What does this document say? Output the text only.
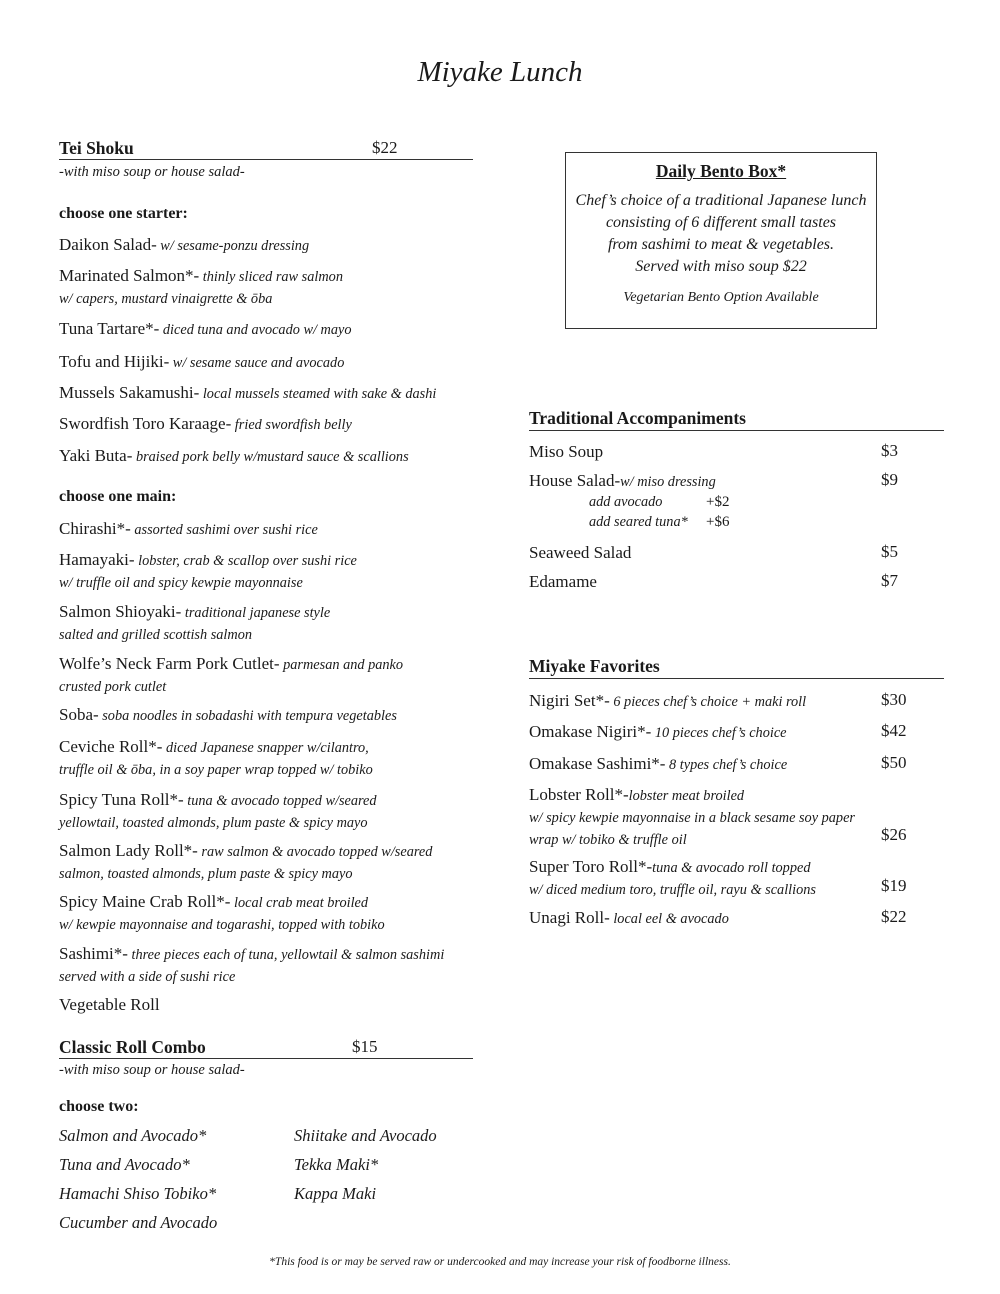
Miyake Lunch
Tei Shoku	$22
-with miso soup or house salad-
choose one starter:
Daikon Salad- w/ sesame-ponzu dressing
Marinated Salmon*- thinly sliced raw salmon
w/ capers, mustard vinaigrette & ōba
Tuna Tartare*- diced tuna and avocado w/ mayo
Tofu and Hijiki- w/ sesame sauce and avocado
Mussels Sakamushi- local mussels steamed with sake & dashi
Swordfish Toro Karaage- fried swordfish belly
Yaki Buta- braised pork belly w/mustard sauce & scallions
choose one main:
Chirashi*- assorted sashimi over sushi rice
Hamayaki- lobster, crab & scallop over sushi rice
w/ truffle oil and spicy kewpie mayonnaise
Salmon Shioyaki- traditional japanese style
salted and grilled scottish salmon
Wolfe’s Neck Farm Pork Cutlet- parmesan and panko
crusted pork cutlet
Soba- soba noodles in sobadashi with tempura vegetables
Ceviche Roll*- diced Japanese snapper w/cilantro,
truffle oil & ōba, in a soy paper wrap topped w/ tobiko
Spicy Tuna Roll*- tuna & avocado topped w/seared
yellowtail, toasted almonds, plum paste & spicy mayo
Salmon Lady Roll*- raw salmon & avocado topped w/seared
salmon, toasted almonds, plum paste & spicy mayo
Spicy Maine Crab Roll*- local crab meat broiled
w/ kewpie mayonnaise and togarashi, topped with tobiko
Sashimi*- three pieces each of tuna, yellowtail & salmon sashimi
served with a side of sushi rice
Vegetable Roll
Classic Roll Combo	$15
-with miso soup or house salad-
choose two:
Salmon and Avocado*
Tuna and Avocado*
Hamachi Shiso Tobiko*
Cucumber and Avocado
Shiitake and Avocado
Tekka Maki*
Kappa Maki
Daily Bento Box*
Chef’s choice of a traditional Japanese lunch
consisting of 6 different small tastes
from sashimi to meat & vegetables.
Served with miso soup $22
Vegetarian Bento Option Available
Traditional Accompaniments
Miso Soup	$3
House Salad-w/ miso dressing	$9
add avocado	+$2
add seared tuna* +$6
Seaweed Salad	$5
Edamame	$7
Miyake Favorites
Nigiri Set*- 6 pieces chef’s choice + maki roll	$30
Omakase Nigiri*- 10 pieces chef’s choice	$42
Omakase Sashimi*- 8 types chef’s choice	$50
Lobster Roll*-lobster meat broiled
w/ spicy kewpie mayonnaise in a black sesame soy paper
wrap w/ tobiko & truffle oil	$26
Super Toro Roll*-tuna & avocado roll topped
w/ diced medium toro, truffle oil, rayu & scallions	$19
Unagi Roll- local eel & avocado	$22
*This food is or may be served raw or undercooked and may increase your risk of foodborne illness.
